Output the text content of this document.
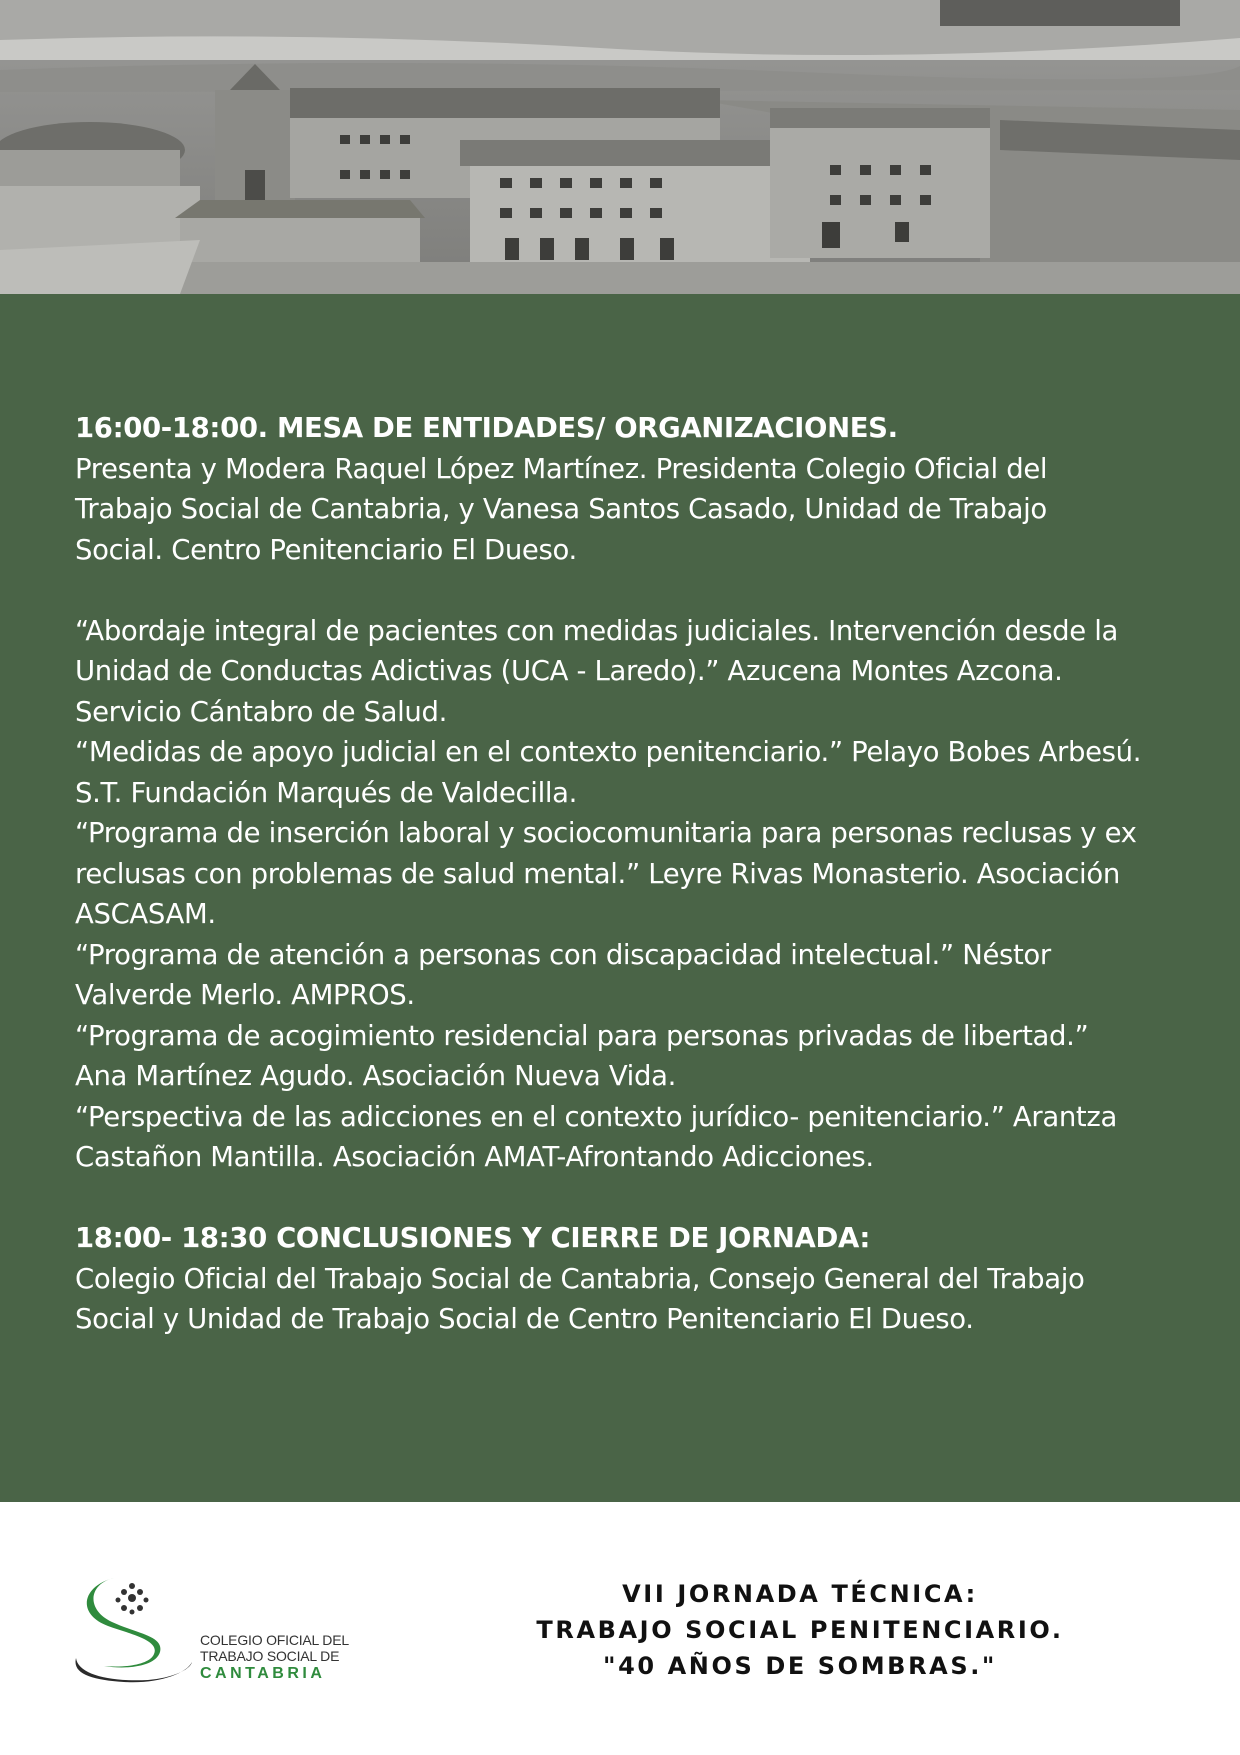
16:00-18:00. MESA DE ENTIDADES/ ORGANIZACIONES.

Presenta y Modera Raquel López Martínez. Presidenta Colegio Oficial del

Trabajo Social de Cantabria, y Vanesa Santos Casado, Unidad de Trabajo

Social. Centro Penitenciario El Dueso.

“Abordaje integral de pacientes con medidas judiciales. Intervención desde la

Unidad de Conductas Adictivas (UCA - Laredo).” Azucena Montes Azcona.

Servicio Cántabro de Salud.

“Medidas de apoyo judicial en el contexto penitenciario.” Pelayo Bobes Arbesú.

S.T. Fundación Marqués de Valdecilla.

“Programa de inserción laboral y sociocomunitaria para personas reclusas y ex

reclusas con problemas de salud mental.” Leyre Rivas Monasterio. Asociación

ASCASAM.

“Programa de atención a personas con discapacidad intelectual.” Néstor

Valverde Merlo. AMPROS.

“Programa de acogimiento residencial para personas privadas de libertad.”

Ana Martínez Agudo. Asociación Nueva Vida.

“Perspectiva de las adicciones en el contexto jurídico- penitenciario.” Arantza

Castañon Mantilla. Asociación AMAT-Afrontando Adicciones.

18:00- 18:30 CONCLUSIONES Y CIERRE DE JORNADA:

Colegio Oficial del Trabajo Social de Cantabria, Consejo General del Trabajo

Social y Unidad de Trabajo Social de Centro Penitenciario El Dueso.

COLEGIO OFICIAL DEL
TRABAJO SOCIAL DE
CANTABRIA
VII JORNADA TÉCNICA:
TRABAJO SOCIAL PENITENCIARIO.
"40 AÑOS DE SOMBRAS."
